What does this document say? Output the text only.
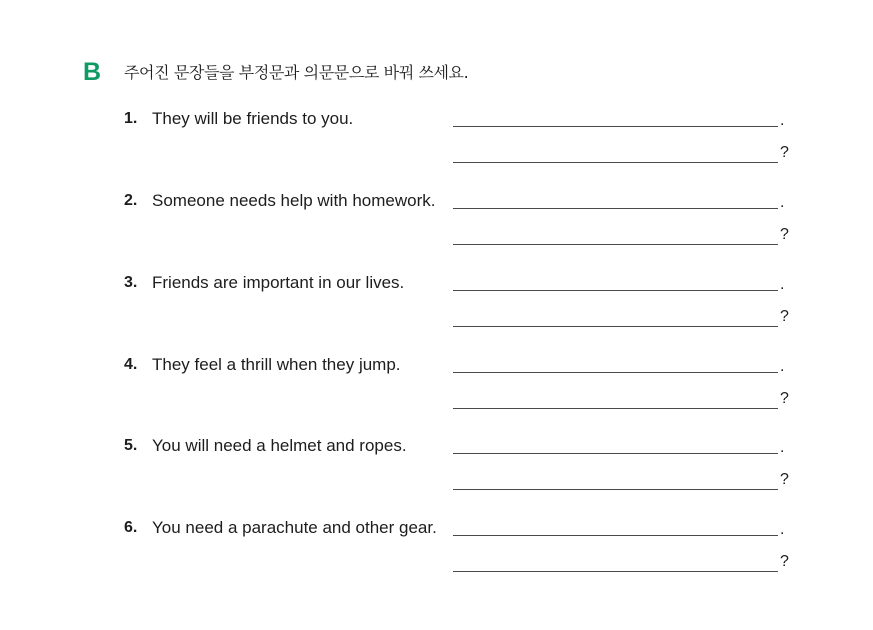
B 주어진 문장들을 부정문과 의문문으로 바꿔 쓰세요.
1. They will be friends to you.	.
?
2. Someone needs help with homework.	.
?
3. Friends are important in our lives.	.
?
4. They feel a thrill when they jump.	.
?
5. You will need a helmet and ropes.	.
?
6. You need a parachute and other gear.	.
?
